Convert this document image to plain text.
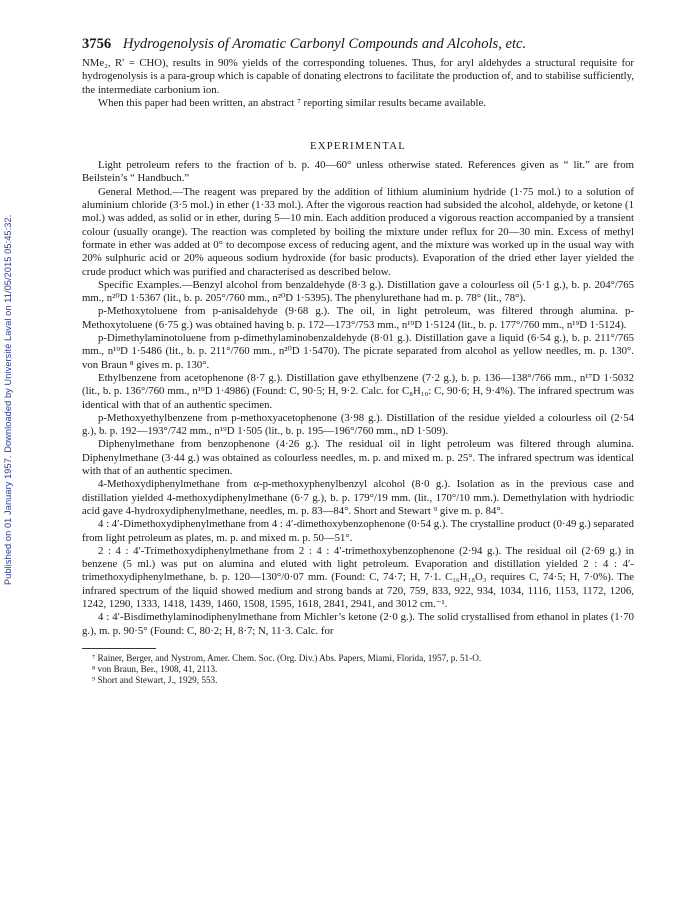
Published on 01 January 1957. Downloaded by Université Laval on 11/05/2015 05:45:32.
3756 Hydrogenolysis of Aromatic Carbonyl Compounds and Alcohols, etc.

NMe₂, R′ = CHO), results in 90% yields of the corresponding toluenes. Thus, for aryl aldehydes a structural requisite for hydrogenolysis is a para-group which is capable of donating electrons to facilitate the production of, and to stabilise sufficiently, the intermediate carbonium ion.

When this paper had been written, an abstract ⁷ reporting similar results became available.

EXPERIMENTAL

Light petroleum refers to the fraction of b. p. 40—60° unless otherwise stated. References given as “ lit.” are from Beilstein’s “ Handbuch.”

General Method.—The reagent was prepared by the addition of lithium aluminium hydride (1·75 mol.) to a solution of aluminium chloride (3·5 mol.) in ether (1·33 mol.). After the vigorous reaction had subsided the alcohol, aldehyde, or ketone (1 mol.) was added, as solid or in ether, during 5—10 min. Each addition produced a vigorous reaction accompanied by a transient colour (usually orange). The reaction was completed by boiling the mixture under reflux for 20—30 min. Excess of methyl formate in ether was added at 0° to decompose excess of reducing agent, and the mixture was worked up in the usual way with 20% sulphuric acid or 20% aqueous sodium hydroxide (for basic products). Evaporation of the dried ether layer yielded the crude product which was purified and characterised as described below.

Specific Examples.—Benzyl alcohol from benzaldehyde (8·3 g.). Distillation gave a colourless oil (5·1 g.), b. p. 204°/765 mm., n²⁰D 1·5367 (lit., b. p. 205°/760 mm., n²⁰D 1·5395). The phenylurethane had m. p. 78° (lit., 78°).

p-Methoxytoluene from p-anisaldehyde (9·68 g.). The oil, in light petroleum, was filtered through alumina. p-Methoxytoluene (6·75 g.) was obtained having b. p. 172—173°/753 mm., n¹⁹D 1·5124 (lit., b. p. 177°/760 mm., n¹⁹D 1·5124).

p-Dimethylaminotoluene from p-dimethylaminobenzaldehyde (8·01 g.). Distillation gave a liquid (6·54 g.), b. p. 211°/765 mm., n¹⁹D 1·5486 (lit., b. p. 211°/760 mm., n²⁰D 1·5470). The picrate separated from alcohol as yellow needles, m. p. 130°. von Braun ⁸ gives m. p. 130°.

Ethylbenzene from acetophenone (8·7 g.). Distillation gave ethylbenzene (7·2 g.), b. p. 136—138°/766 mm., n¹⁷D 1·5032 (lit., b. p. 136°/760 mm., n¹⁹D 1·4986) (Found: C, 90·5; H, 9·2. Calc. for C₈H₁₀: C, 90·6; H, 9·4%). The infrared spectrum was identical with that of an authentic specimen.

p-Methoxyethylbenzene from p-methoxyacetophenone (3·98 g.). Distillation of the residue yielded a colourless oil (2·54 g.), b. p. 192—193°/742 mm., n¹⁹D 1·505 (lit., b. p. 195—196°/760 mm., nD 1·509).

Diphenylmethane from benzophenone (4·26 g.). The residual oil in light petroleum was filtered through alumina. Diphenylmethane (3·44 g.) was obtained as colourless needles, m. p. and mixed m. p. 25°. The infrared spectrum was identical with that of an authentic specimen.

4-Methoxydiphenylmethane from α-p-methoxyphenylbenzyl alcohol (8·0 g.). Isolation as in the previous case and distillation yielded 4-methoxydiphenylmethane (6·7 g.), b. p. 179°/19 mm. (lit., 170°/10 mm.). Demethylation with hydriodic acid gave 4-hydroxydiphenylmethane, needles, m. p. 83—84°. Short and Stewart ⁹ give m. p. 84°.

4 : 4′-Dimethoxydiphenylmethane from 4 : 4′-dimethoxybenzophenone (0·54 g.). The crystalline product (0·49 g.) separated from light petroleum as plates, m. p. and mixed m. p. 50—51°.

2 : 4 : 4′-Trimethoxydiphenylmethane from 2 : 4 : 4′-trimethoxybenzophenone (2·94 g.). The residual oil (2·69 g.) in benzene (5 ml.) was put on alumina and eluted with light petroleum. Evaporation and distillation yielded 2 : 4 : 4′-trimethoxydiphenylmethane, b. p. 120—130°/0·07 mm. (Found: C, 74·7; H, 7·1. C₁₆H₁₈O₃ requires C, 74·5; H, 7·0%). The infrared spectrum of the liquid showed medium and strong bands at 720, 759, 833, 922, 934, 1034, 1116, 1153, 1172, 1206, 1242, 1290, 1333, 1418, 1439, 1460, 1508, 1595, 1618, 2841, 2941, and 3012 cm.⁻¹.

4 : 4′-Bisdimethylaminodiphenylmethane from Michler’s ketone (2·0 g.). The solid crystallised from ethanol in plates (1·70 g.), m. p. 90·5° (Found: C, 80·2; H, 8·7; N, 11·3. Calc. for

⁷ Rainer, Berger, and Nystrom, Amer. Chem. Soc. (Org. Div.) Abs. Papers, Miami, Florida, 1957, p. 51-O.

⁸ von Braun, Ber., 1908, 41, 2113.

⁹ Short and Stewart, J., 1929, 553.
